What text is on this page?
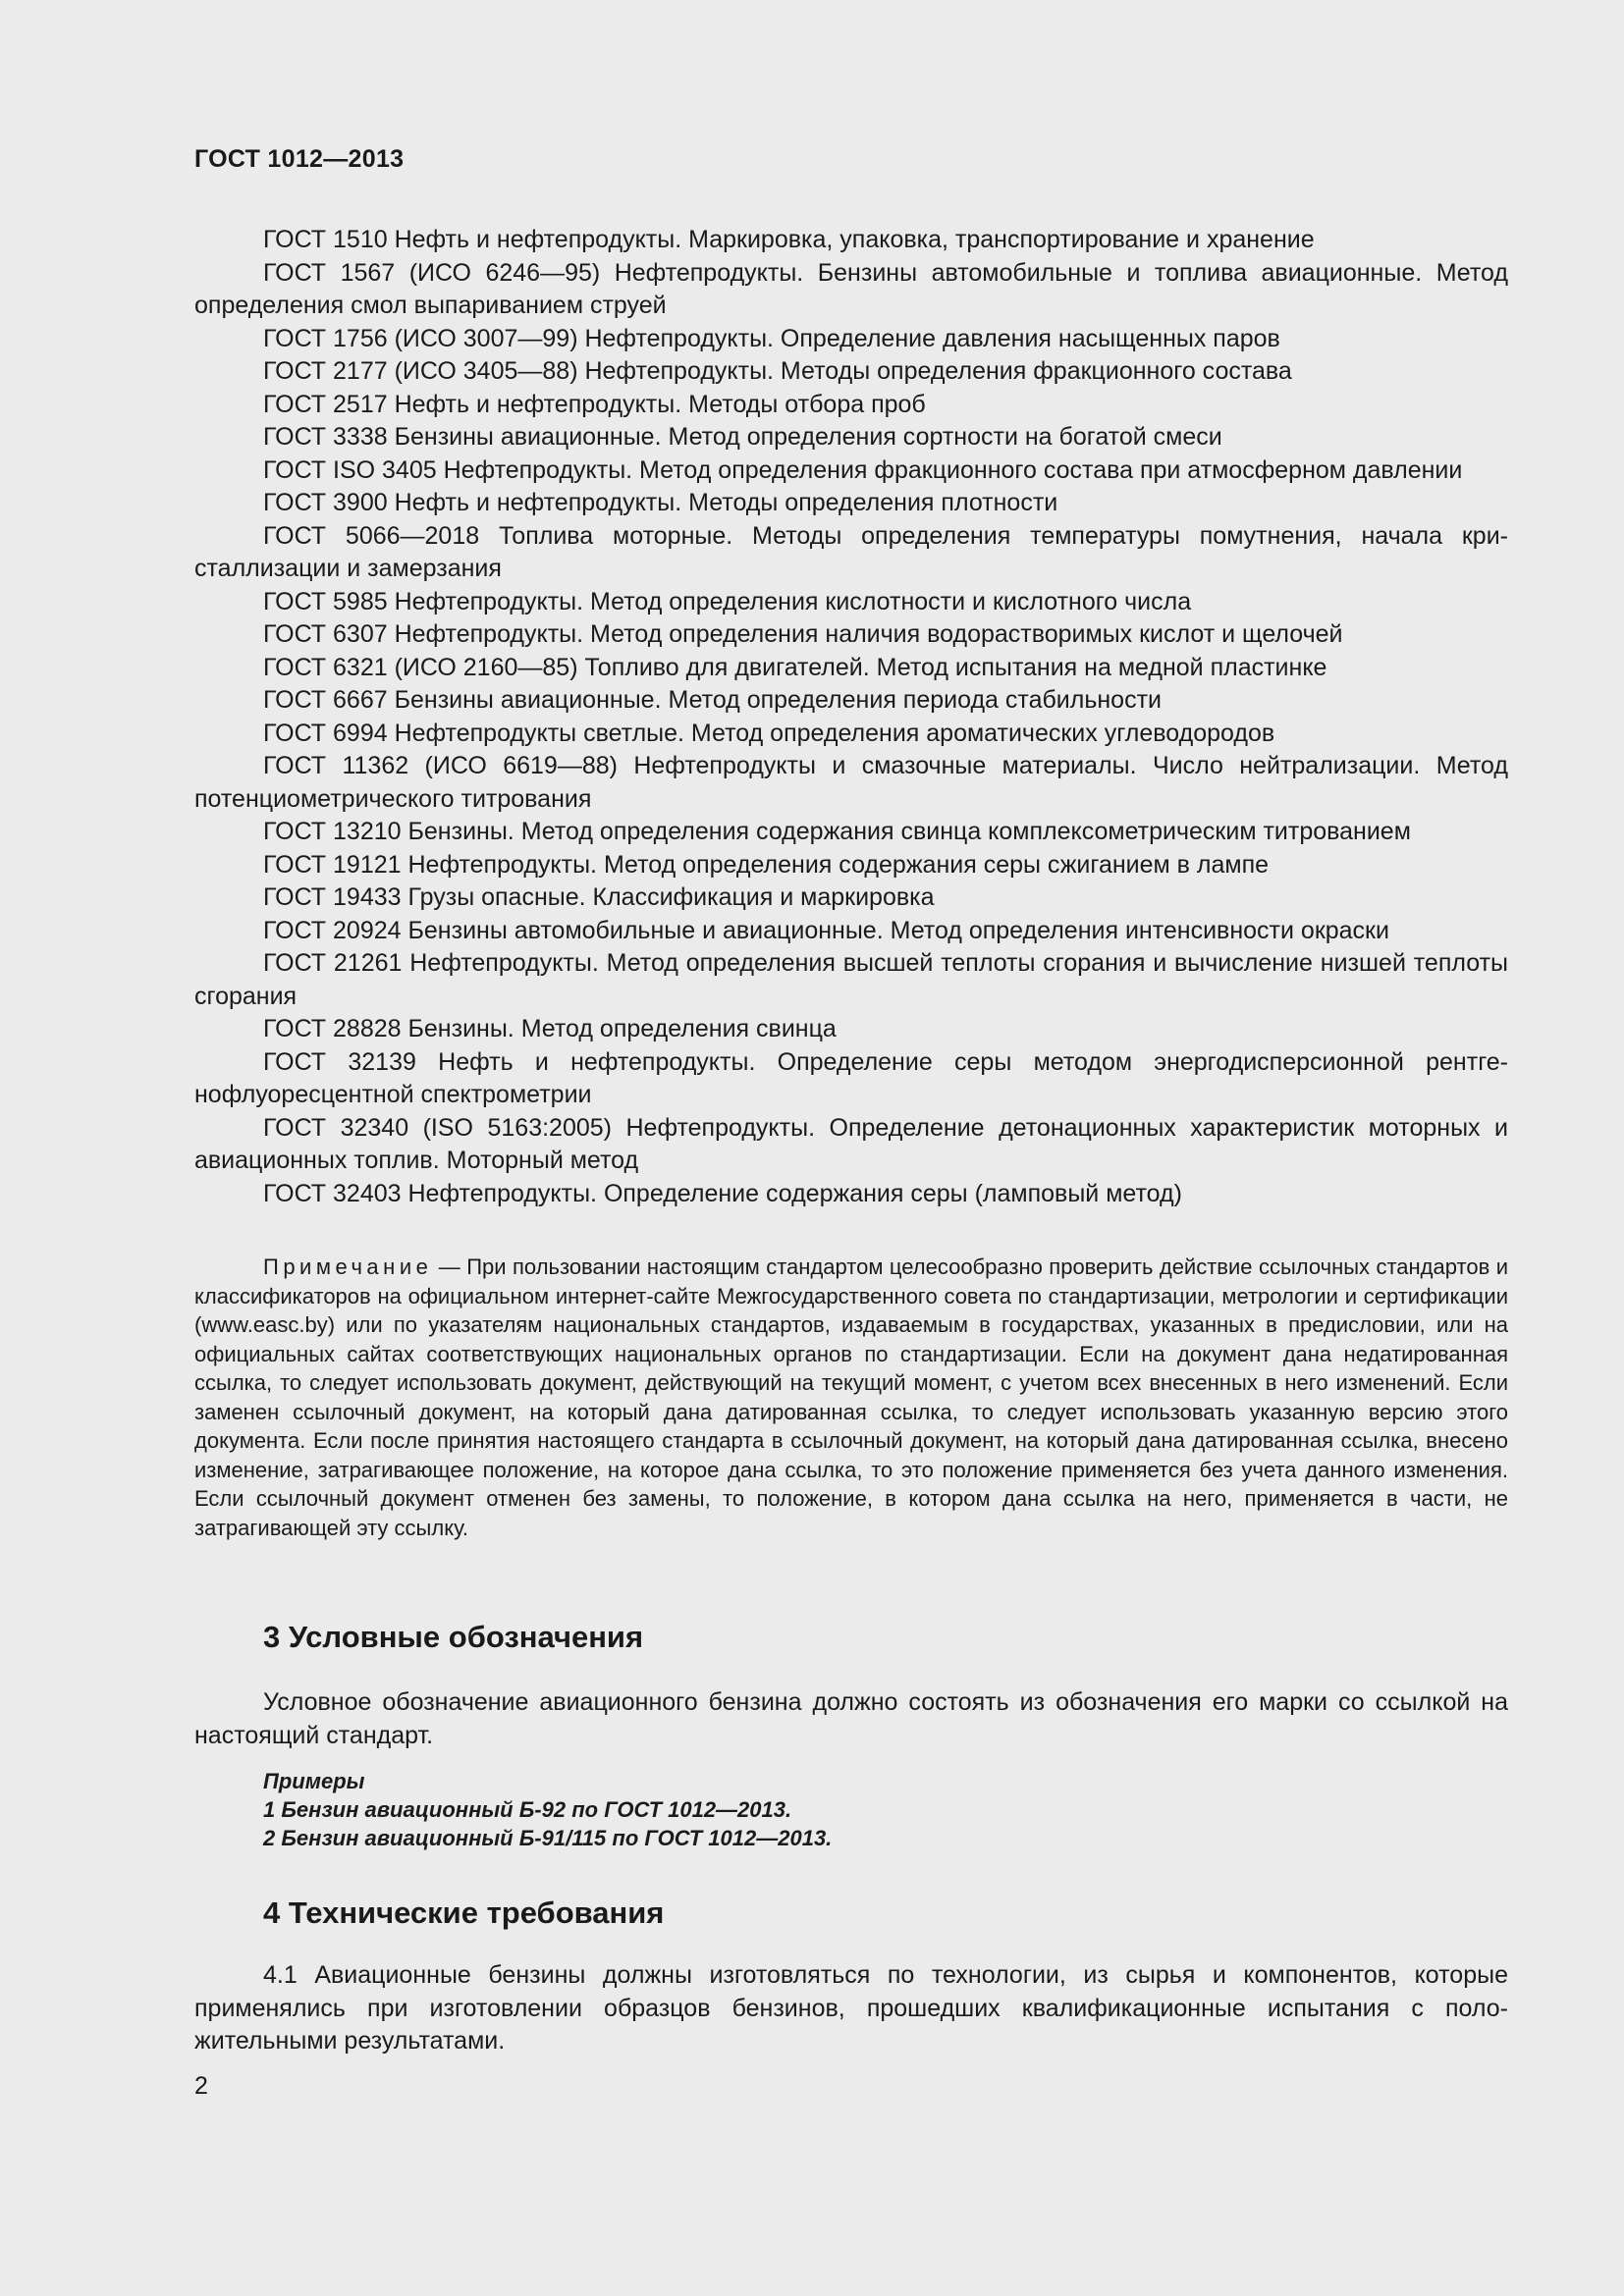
ГОСТ 1012—2013

ГОСТ 1510 Нефть и нефтепродукты. Маркировка, упаковка, транспортирование и хранение

ГОСТ 1567 (ИСО 6246—95) Нефтепродукты. Бензины автомобильные и топлива авиационные. Метод определения смол выпариванием струей

ГОСТ 1756 (ИСО 3007—99) Нефтепродукты. Определение давления насыщенных паров

ГОСТ 2177 (ИСО 3405—88) Нефтепродукты. Методы определения фракционного состава

ГОСТ 2517 Нефть и нефтепродукты. Методы отбора проб

ГОСТ 3338 Бензины авиационные. Метод определения сортности на богатой смеси

ГОСТ ISO 3405 Нефтепродукты. Метод определения фракционного состава при атмосферном давлении

ГОСТ 3900 Нефть и нефтепродукты. Методы определения плотности

ГОСТ 5066—2018 Топлива моторные. Методы определения температуры помутнения, начала кристаллизации и замерзания

ГОСТ 5985 Нефтепродукты. Метод определения кислотности и кислотного числа

ГОСТ 6307 Нефтепродукты. Метод определения наличия водорастворимых кислот и щелочей

ГОСТ 6321 (ИСО 2160—85) Топливо для двигателей. Метод испытания на медной пластинке

ГОСТ 6667 Бензины авиационные. Метод определения периода стабильности

ГОСТ 6994 Нефтепродукты светлые. Метод определения ароматических углеводородов

ГОСТ 11362 (ИСО 6619—88) Нефтепродукты и смазочные материалы. Число нейтрализации. Метод потенциометрического титрования

ГОСТ 13210 Бензины. Метод определения содержания свинца комплексометрическим титрованием

ГОСТ 19121 Нефтепродукты. Метод определения содержания серы сжиганием в лампе

ГОСТ 19433 Грузы опасные. Классификация и маркировка

ГОСТ 20924 Бензины автомобильные и авиационные. Метод определения интенсивности окраски

ГОСТ 21261 Нефтепродукты. Метод определения высшей теплоты сгорания и вычисление низшей теплоты сгорания

ГОСТ 28828 Бензины. Метод определения свинца

ГОСТ 32139 Нефть и нефтепродукты. Определение серы методом энергодисперсионной рентгенофлуоресцентной спектрометрии

ГОСТ 32340 (ISO 5163:2005) Нефтепродукты. Определение детонационных характеристик моторных и авиационных топлив. Моторный метод

ГОСТ 32403 Нефтепродукты. Определение содержания серы (ламповый метод)

Примечание — При пользовании настоящим стандартом целесообразно проверить действие ссылочных стандартов и классификаторов на официальном интернет-сайте Межгосударственного совета по стандартизации, метрологии и сертификации (www.easc.by) или по указателям национальных стандартов, издаваемым в государствах, указанных в предисловии, или на официальных сайтах соответствующих национальных органов по стандартизации. Если на документ дана недатированная ссылка, то следует использовать документ, действующий на текущий момент, с учетом всех внесенных в него изменений. Если заменен ссылочный документ, на который дана датированная ссылка, то следует использовать указанную версию этого документа. Если после принятия настоящего стандарта в ссылочный документ, на который дана датированная ссылка, внесено изменение, затрагивающее положение, на которое дана ссылка, то это положение применяется без учета данного изменения. Если ссылочный документ отменен без замены, то положение, в котором дана ссылка на него, применяется в части, не затрагивающей эту ссылку.
3 Условные обозначения
Условное обозначение авиационного бензина должно состоять из обозначения его марки со ссылкой на настоящий стандарт.
Примеры
1 Бензин авиационный Б-92 по ГОСТ 1012—2013.
2 Бензин авиационный Б-91/115 по ГОСТ 1012—2013.
4 Технические требования
4.1 Авиационные бензины должны изготовляться по технологии, из сырья и компонентов, которые применялись при изготовлении образцов бензинов, прошедших квалификационные испытания с положительными результатами.
2
